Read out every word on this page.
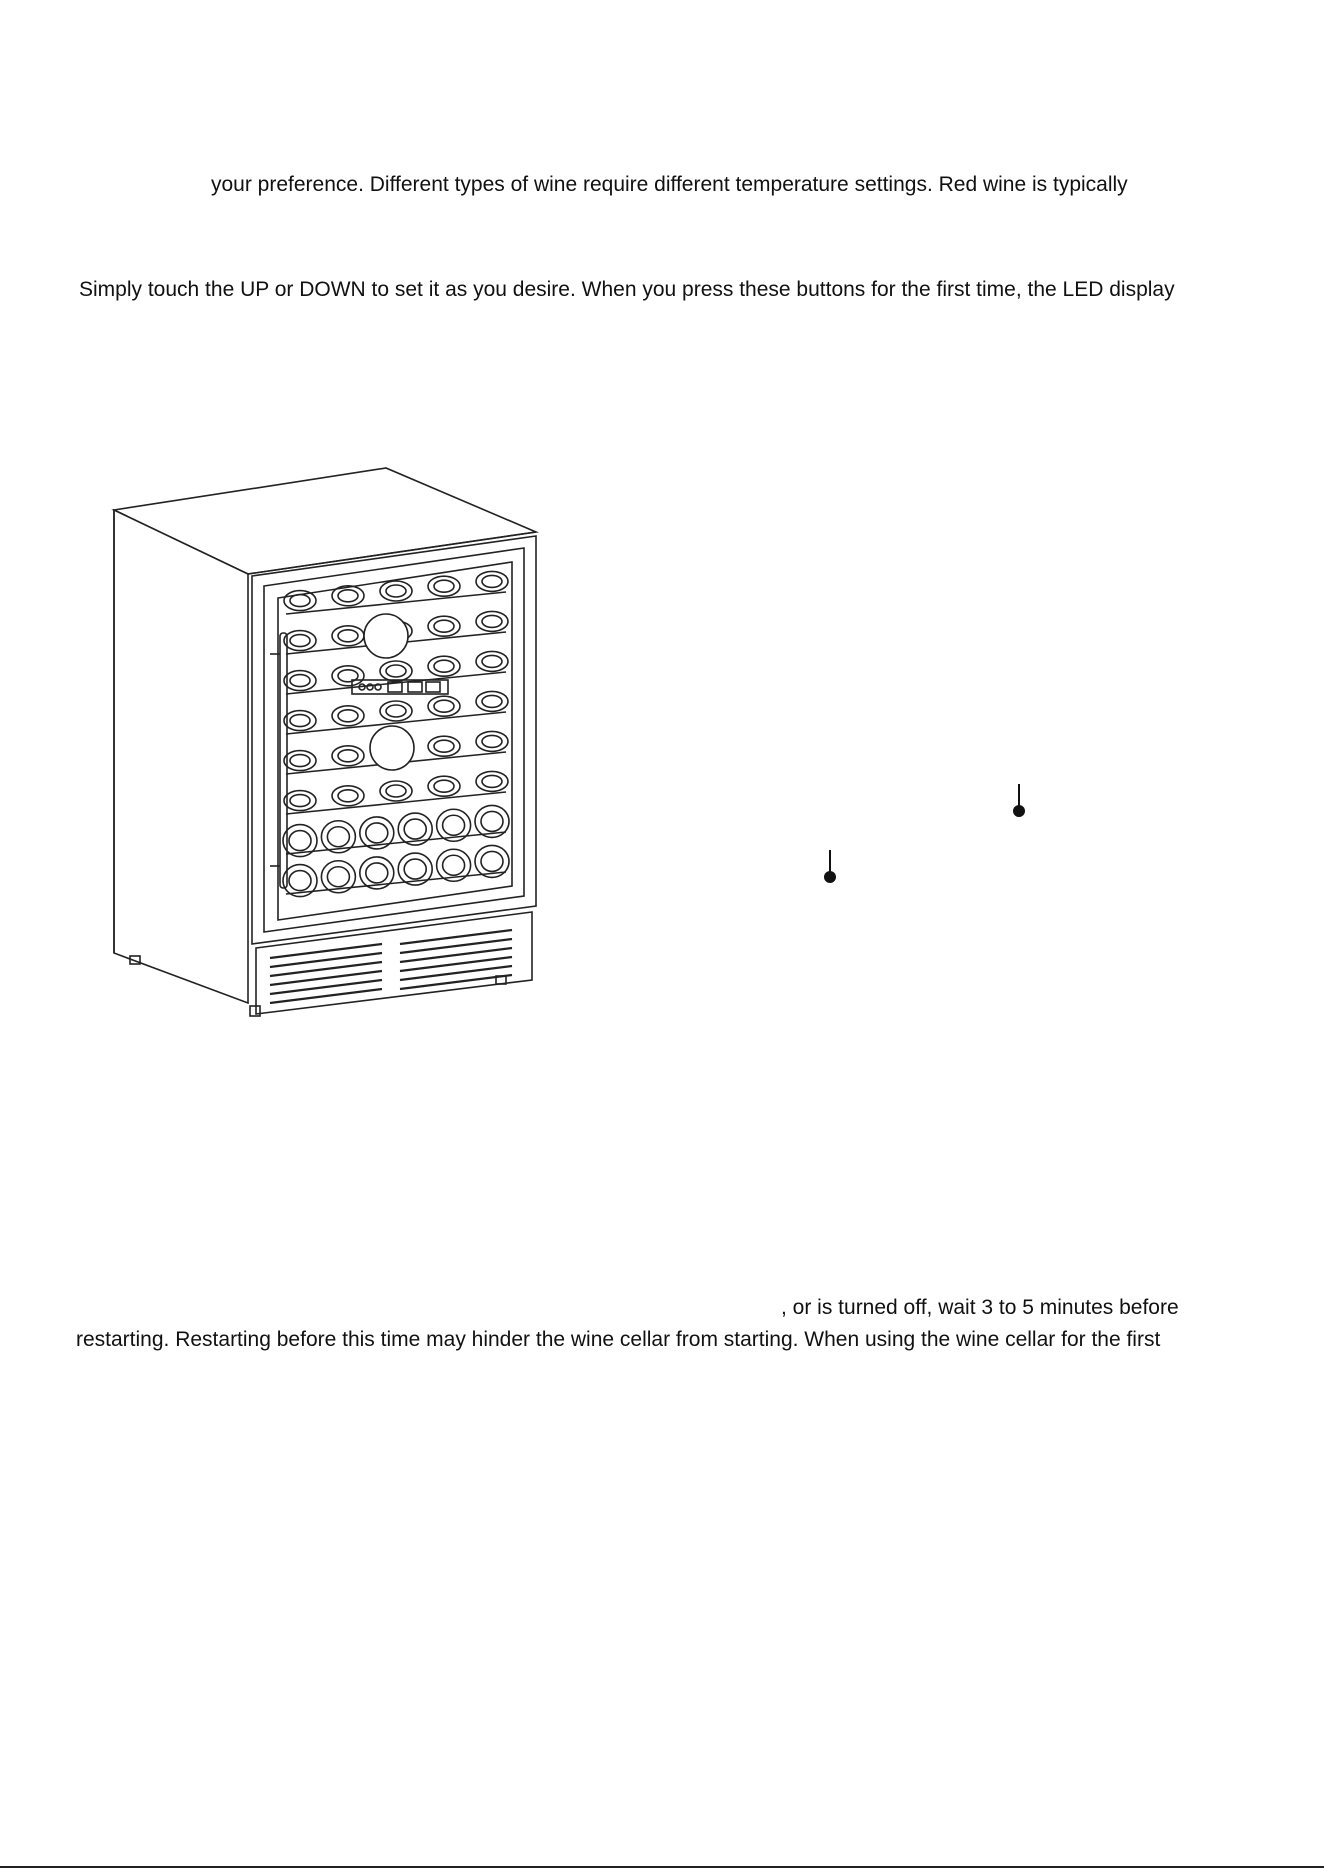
your preference. Different types of wine require different temperature settings. Red wine is typically
Simply touch the UP or DOWN to set it as you desire. When you press these buttons for the first time, the LED display
, or is turned off, wait 3 to 5 minutes before
restarting. Restarting before this time may hinder the wine cellar from starting. When using the wine cellar for the first
